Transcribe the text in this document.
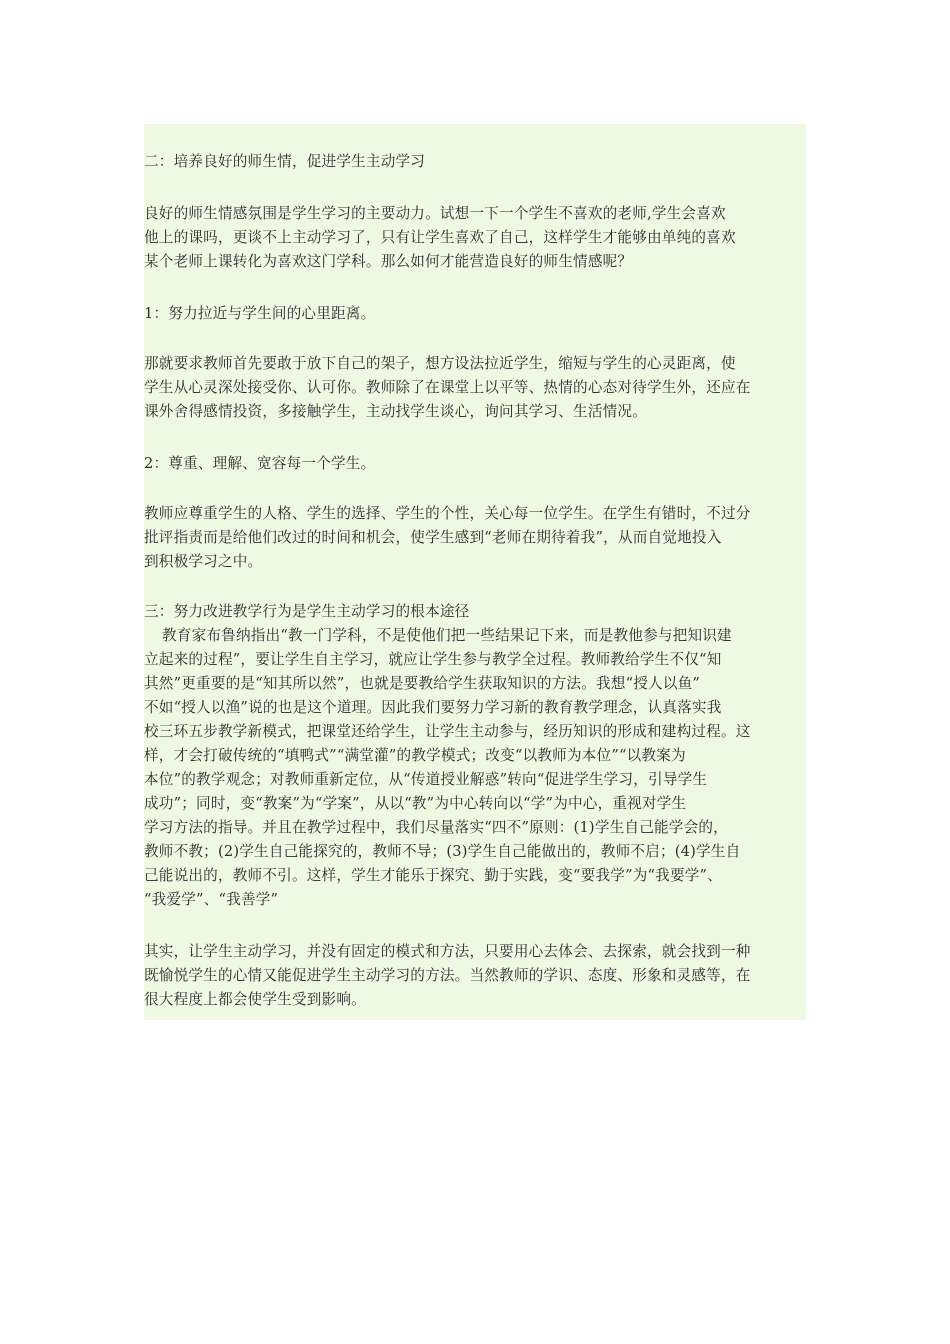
二：培养良好的师生情，促进学生主动学习
良好的师生情感氛围是学生学习的主要动力。试想一下一个学生不喜欢的老师,学生会喜欢
他上的课吗，更谈不上主动学习了，只有让学生喜欢了自己，这样学生才能够由单纯的喜欢
某个老师上课转化为喜欢这门学科。那么如何才能营造良好的师生情感呢？
1：努力拉近与学生间的心里距离。
那就要求教师首先要敢于放下自己的架子，想方设法拉近学生，缩短与学生的心灵距离，使
学生从心灵深处接受你、认可你。教师除了在课堂上以平等、热情的心态对待学生外，还应在
课外舍得感情投资，多接触学生，主动找学生谈心，询问其学习、生活情况。
2：尊重、理解、宽容每一个学生。
教师应尊重学生的人格、学生的选择、学生的个性，关心每一位学生。在学生有错时，不过分
批评指责而是给他们改过的时间和机会，使学生感到“老师在期待着我”，从而自觉地投入
到积极学习之中。
三：努力改进教学行为是学生主动学习的根本途径
教育家布鲁纳指出“教一门学科，不是使他们把一些结果记下来，而是教他参与把知识建
立起来的过程”，要让学生自主学习，就应让学生参与教学全过程。教师教给学生不仅“知
其然”更重要的是“知其所以然”，也就是要教给学生获取知识的方法。我想“授人以鱼”
不如“授人以渔”说的也是这个道理。因此我们要努力学习新的教育教学理念，认真落实我
校三环五步教学新模式，把课堂还给学生，让学生主动参与，经历知识的形成和建构过程。这
样，才会打破传统的“填鸭式”“满堂灌”的教学模式；改变“以教师为本位”“以教案为
本位”的教学观念；对教师重新定位，从“传道授业解惑”转向“促进学生学习，引导学生
成功”；同时，变“教案”为“学案”，从以“教”为中心转向以“学”为中心，重视对学生
学习方法的指导。并且在教学过程中，我们尽量落实“四不”原则：(1)学生自己能学会的，
教师不教；(2)学生自己能探究的，教师不导；(3)学生自己能做出的，教师不启；(4)学生自
己能说出的，教师不引。这样，学生才能乐于探究、勤于实践，变“要我学”为“我要学”、
“我爱学”、“我善学”
其实，让学生主动学习，并没有固定的模式和方法，只要用心去体会、去探索，就会找到一种
既愉悦学生的心情又能促进学生主动学习的方法。当然教师的学识、态度、形象和灵感等，在
很大程度上都会使学生受到影响。
